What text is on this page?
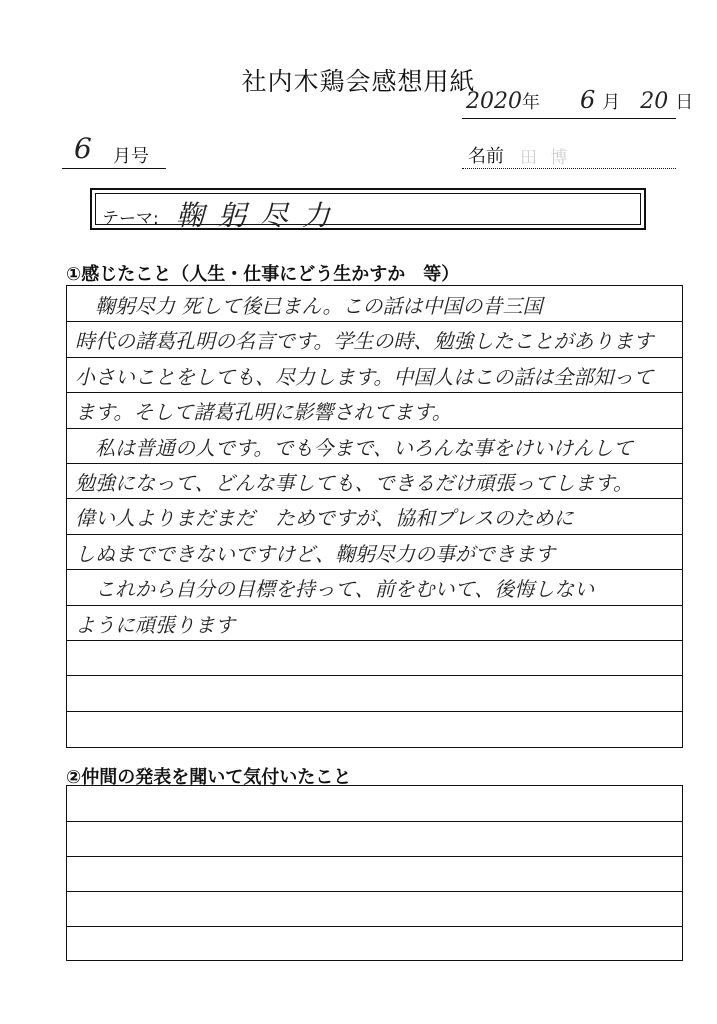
社内木鶏会感想用紙
2020年 6 月 20 日
6 月号	名前 田 博
テーマ: 鞠躬尽力
①感じたこと（人生・仕事にどう生かすか　等）
　鞠躬尽力 死して後已まん。この話は中国の昔三国
時代の諸葛孔明の名言です。学生の時、勉強したことがあります
小さいことをしても、尽力します。中国人はこの話は全部知って
ます。そして諸葛孔明に影響されてます。
　私は普通の人です。でも今まで、いろんな事をけいけんして
勉強になって、どんな事しても、できるだけ頑張ってします。
偉い人よりまだまだ　ためですが、協和プレスのために
しぬまでできないですけど、鞠躬尽力の事ができます
　これから自分の目標を持って、前をむいて、後悔しない
ように頑張ります
②仲間の発表を聞いて気付いたこと
